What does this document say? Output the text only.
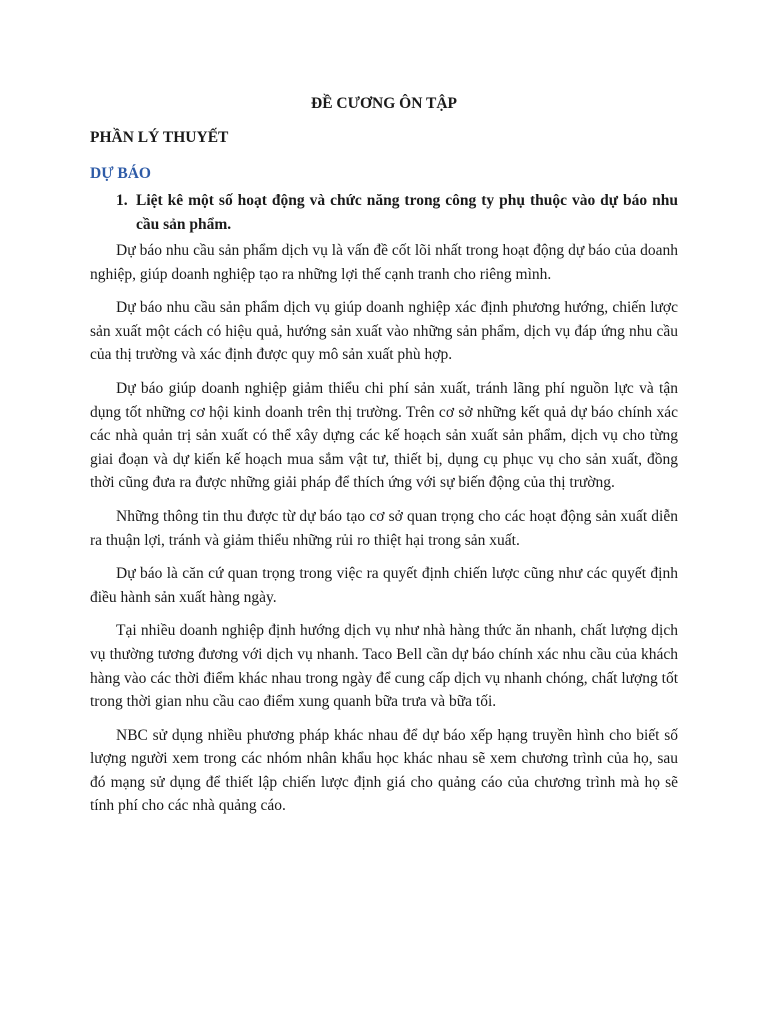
ĐỀ CƯƠNG ÔN TẬP
PHẦN LÝ THUYẾT
DỰ BÁO
1. Liệt kê một số hoạt động và chức năng trong công ty phụ thuộc vào dự báo nhu cầu sản phẩm.

Dự báo nhu cầu sản phẩm dịch vụ là vấn đề cốt lõi nhất trong hoạt động dự báo của doanh nghiệp, giúp doanh nghiệp tạo ra những lợi thế cạnh tranh cho riêng mình.

Dự báo nhu cầu sản phẩm dịch vụ giúp doanh nghiệp xác định phương hướng, chiến lược sản xuất một cách có hiệu quả, hướng sản xuất vào những sản phẩm, dịch vụ đáp ứng nhu cầu của thị trường và xác định được quy mô sản xuất phù hợp.

Dự báo giúp doanh nghiệp giảm thiểu chi phí sản xuất, tránh lãng phí nguồn lực và tận dụng tốt những cơ hội kinh doanh trên thị trường. Trên cơ sở những kết quả dự báo chính xác các nhà quản trị sản xuất có thể xây dựng các kế hoạch sản xuất sản phẩm, dịch vụ cho từng giai đoạn và dự kiến kế hoạch mua sắm vật tư, thiết bị, dụng cụ phục vụ cho sản xuất, đồng thời cũng đưa ra được những giải pháp để thích ứng với sự biến động của thị trường.

Những thông tin thu được từ dự báo tạo cơ sở quan trọng cho các hoạt động sản xuất diễn ra thuận lợi, tránh và giảm thiểu những rủi ro thiệt hại trong sản xuất.

Dự báo là căn cứ quan trọng trong việc ra quyết định chiến lược cũng như các quyết định điều hành sản xuất hàng ngày.

Tại nhiều doanh nghiệp định hướng dịch vụ như nhà hàng thức ăn nhanh, chất lượng dịch vụ thường tương đương với dịch vụ nhanh. Taco Bell cần dự báo chính xác nhu cầu của khách hàng vào các thời điểm khác nhau trong ngày để cung cấp dịch vụ nhanh chóng, chất lượng tốt trong thời gian nhu cầu cao điểm xung quanh bữa trưa và bữa tối.

NBC sử dụng nhiều phương pháp khác nhau để dự báo xếp hạng truyền hình cho biết số lượng người xem trong các nhóm nhân khẩu học khác nhau sẽ xem chương trình của họ, sau đó mạng sử dụng để thiết lập chiến lược định giá cho quảng cáo của chương trình mà họ sẽ tính phí cho các nhà quảng cáo.
